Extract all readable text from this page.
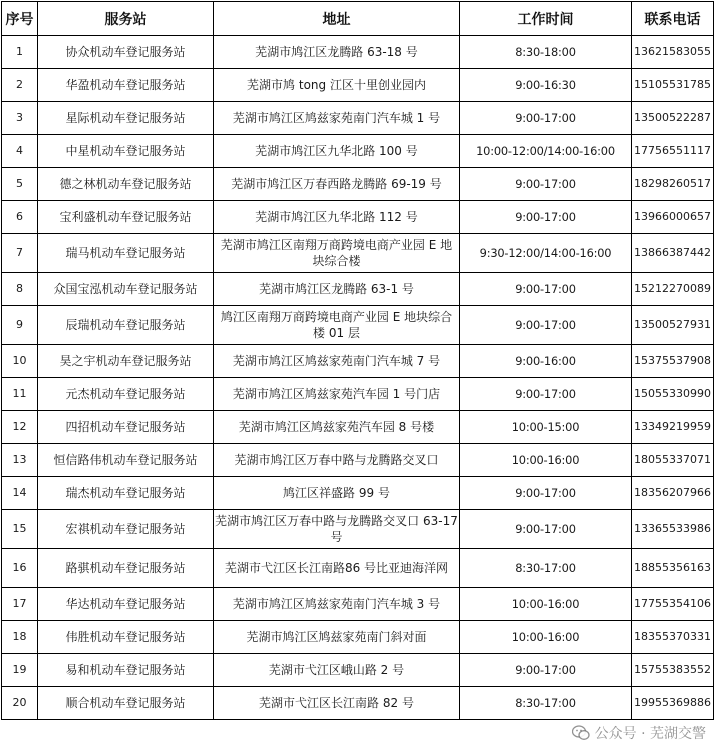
序号	服务站	地址	工作时间	联系电话
1	协众机动车登记服务站	芜湖市鸠江区龙腾路 63-18 号	8:30-18:00	13621583055
2	华盈机动车登记服务站	芜湖市鸠 tong 江区十里创业园内	9:00-16:30	15105531785
3	星际机动车登记服务站	芜湖市鸠江区鸠兹家苑南门汽车城 1 号	9:00-17:00	13500522287
4	中星机动车登记服务站	芜湖市鸠江区九华北路 100 号	10:00-12:00/14:00-16:00	17756551117
5	德之林机动车登记服务站	芜湖市鸠江区万春西路龙腾路 69-19 号	9:00-17:00	18298260517
6	宝利盛机动车登记服务站	芜湖市鸠江区九华北路 112 号	9:00-17:00	13966000657
7	瑞马机动车登记服务站	芜湖市鸠江区南翔万商跨境电商产业园 E 地块综合楼	9:30-12:00/14:00-16:00	13866387442
8	众国宝泓机动车登记服务站	芜湖市鸠江区龙腾路 63-1 号	9:00-17:00	15212270089
9	辰瑞机动车登记服务站	鸠江区南翔万商跨境电商产业园 E 地块综合楼 01 层	9:00-17:00	13500527931
10	昊之宇机动车登记服务站	芜湖市鸠江区鸠兹家苑南门汽车城 7 号	9:00-16:00	15375537908
11	元杰机动车登记服务站	芜湖市鸠江区鸠兹家苑汽车园 1 号门店	9:00-17:00	15055330990
12	四招机动车登记服务站	芜湖市鸠江区鸠兹家苑汽车园 8 号楼	10:00-15:00	13349219959
13	恒信路伟机动车登记服务站	芜湖市鸠江区万春中路与龙腾路交叉口	10:00-16:00	18055337071
14	瑞杰机动车登记服务站	鸠江区祥盛路 99 号	9:00-17:00	18356207966
15	宏祺机动车登记服务站	芜湖市鸠江区万春中路与龙腾路交叉口 63-17 号	9:00-17:00	13365533986
16	路骐机动车登记服务站	芜湖市弋江区长江南路86 号比亚迪海洋网	8:30-17:00	18855356163
17	华达机动车登记服务站	芜湖市鸠江区鸠兹家苑南门汽车城 3 号	10:00-16:00	17755354106
18	伟胜机动车登记服务站	芜湖市鸠江区鸠兹家苑南门斜对面	10:00-16:00	18355370331
19	易和机动车登记服务站	芜湖市弋江区峨山路 2 号	9:00-17:00	15755383552
20	顺合机动车登记服务站	芜湖市弋江区长江南路 82 号	8:30-17:00	19955369886
公众号 · 芜湖交警
